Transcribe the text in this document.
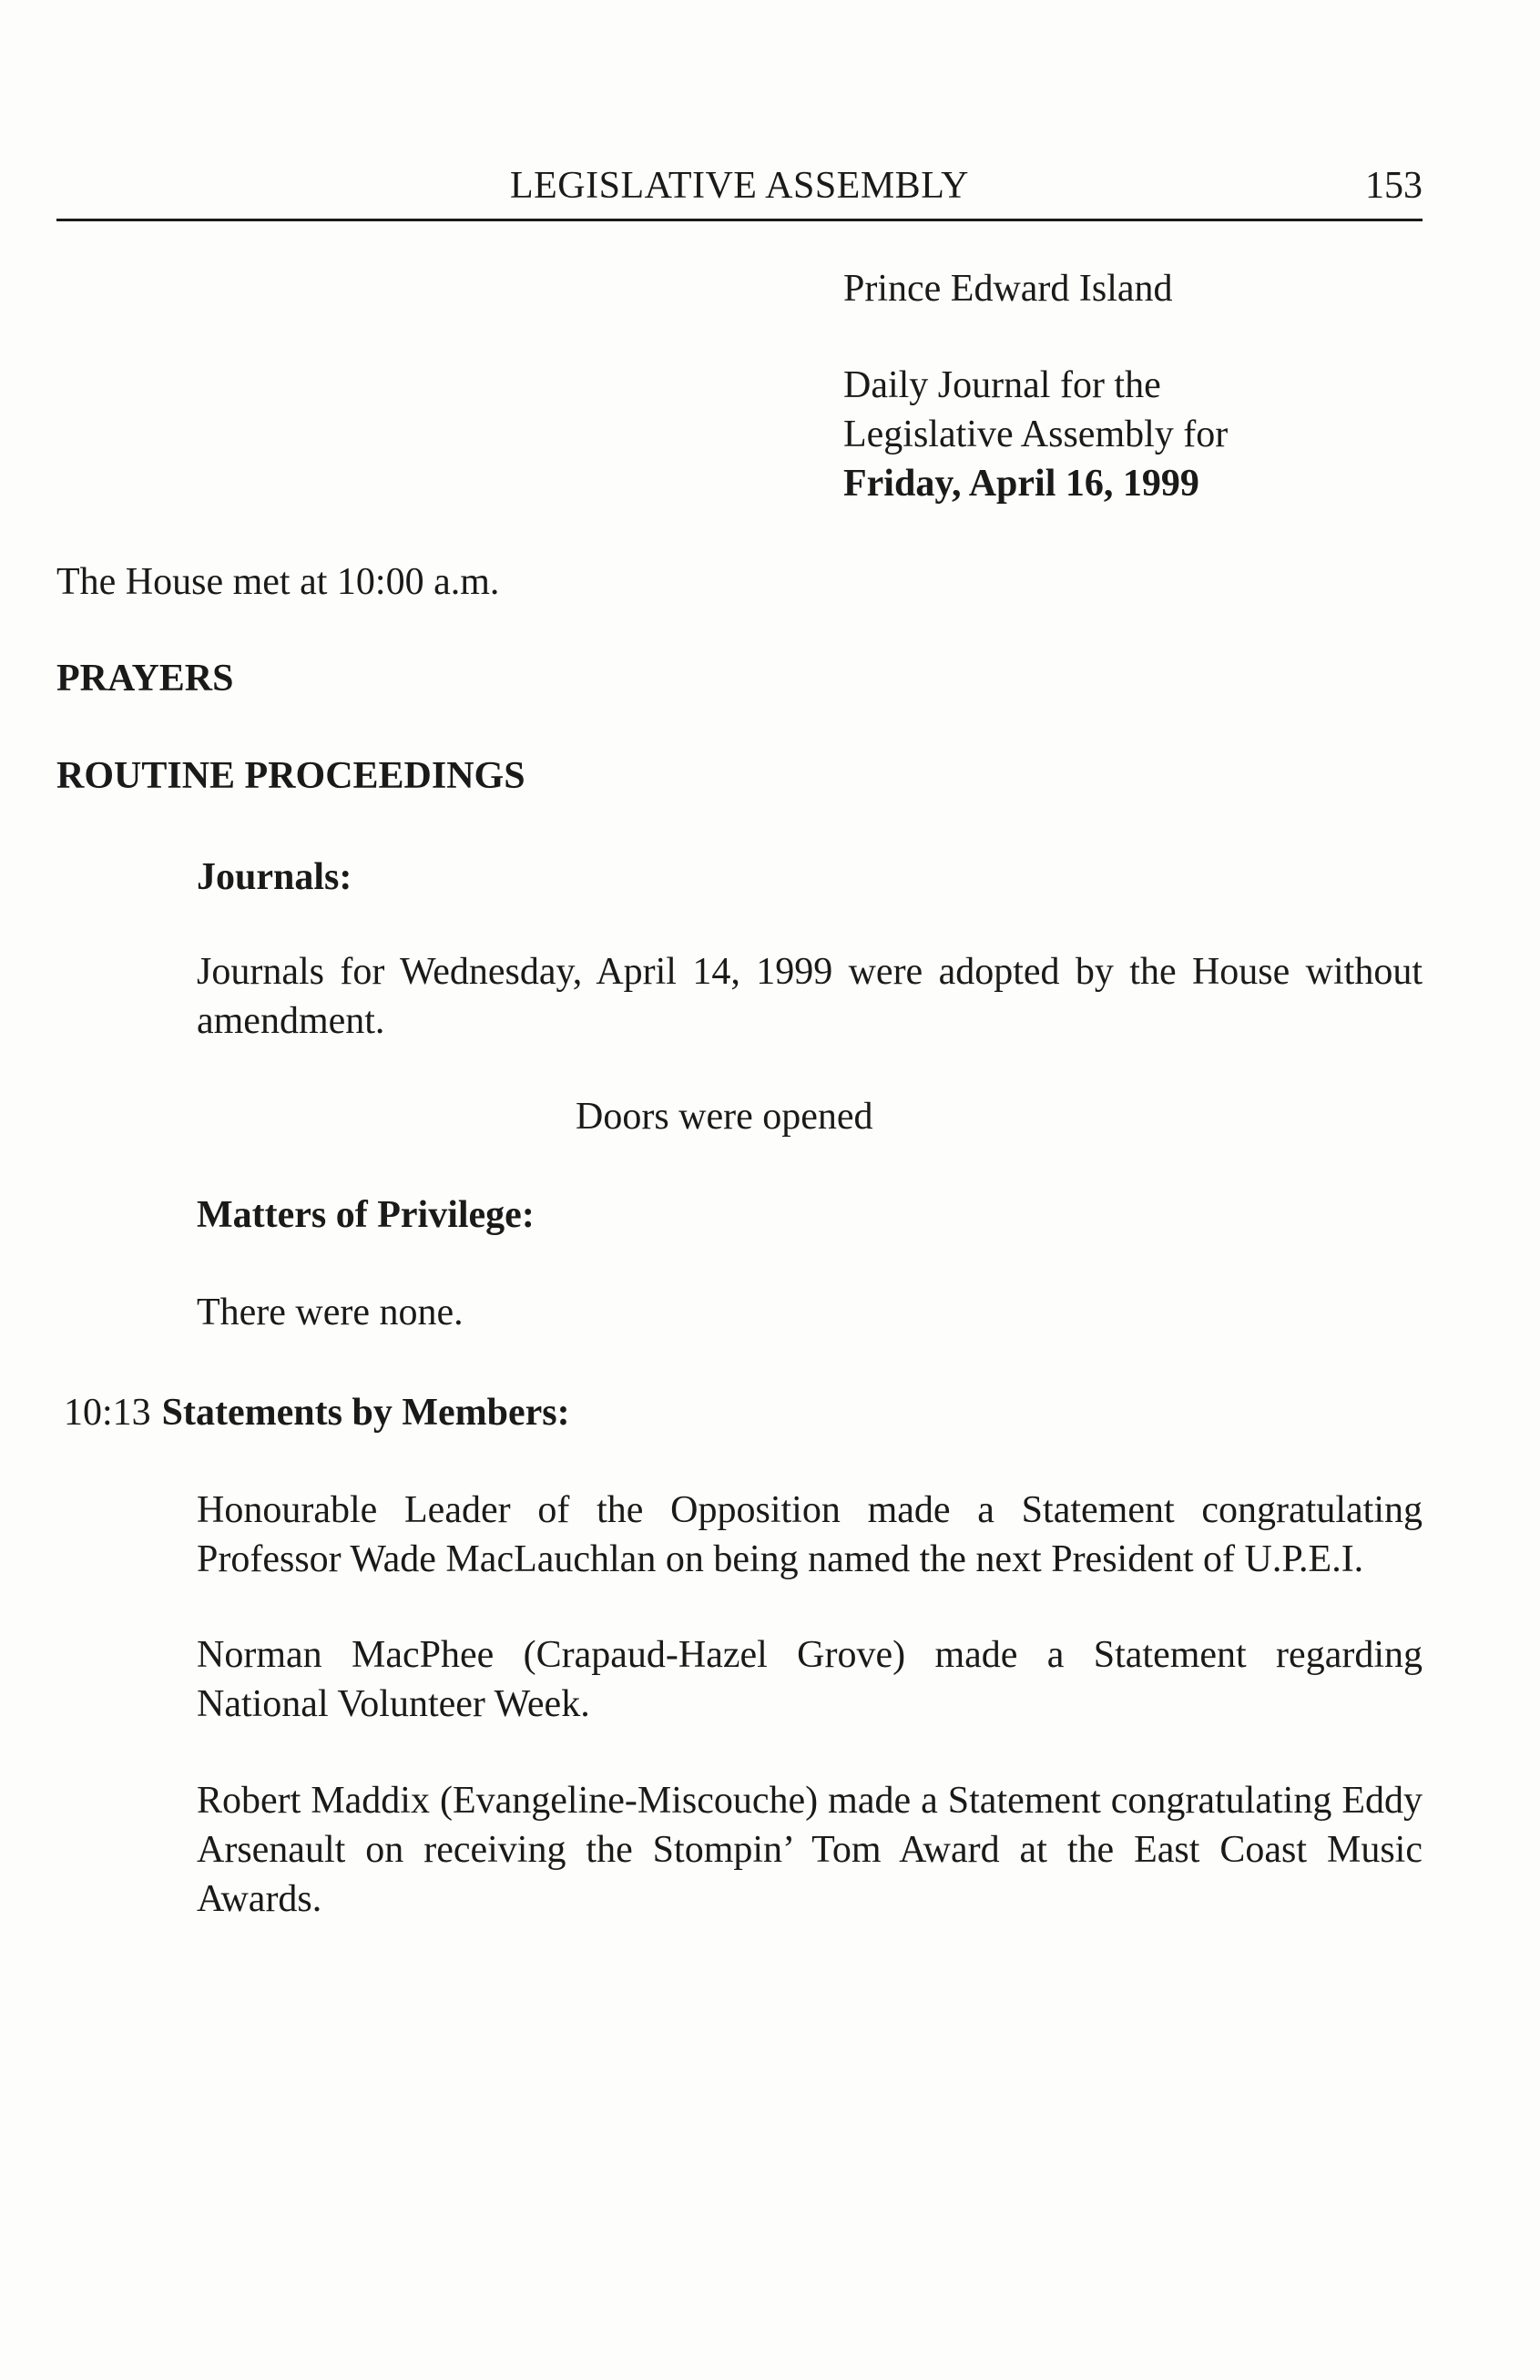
LEGISLATIVE ASSEMBLY	153
Prince Edward Island
Daily Journal for the
Legislative Assembly for
Friday, April 16, 1999
The House met at 10:00 a.m.
PRAYERS
ROUTINE PROCEEDINGS
Journals:
Journals for Wednesday, April 14, 1999 were adopted by the House without amendment.
Doors were opened
Matters of Privilege:
There were none.
10:13 Statements by Members:
Honourable Leader of the Opposition made a Statement congratulating Professor Wade MacLauchlan on being named the next President of U.P.E.I.
Norman MacPhee (Crapaud-Hazel Grove) made a Statement regarding National Volunteer Week.
Robert Maddix (Evangeline-Miscouche) made a Statement congratulating Eddy Arsenault on receiving the Stompin’ Tom Award at the East Coast Music Awards.
